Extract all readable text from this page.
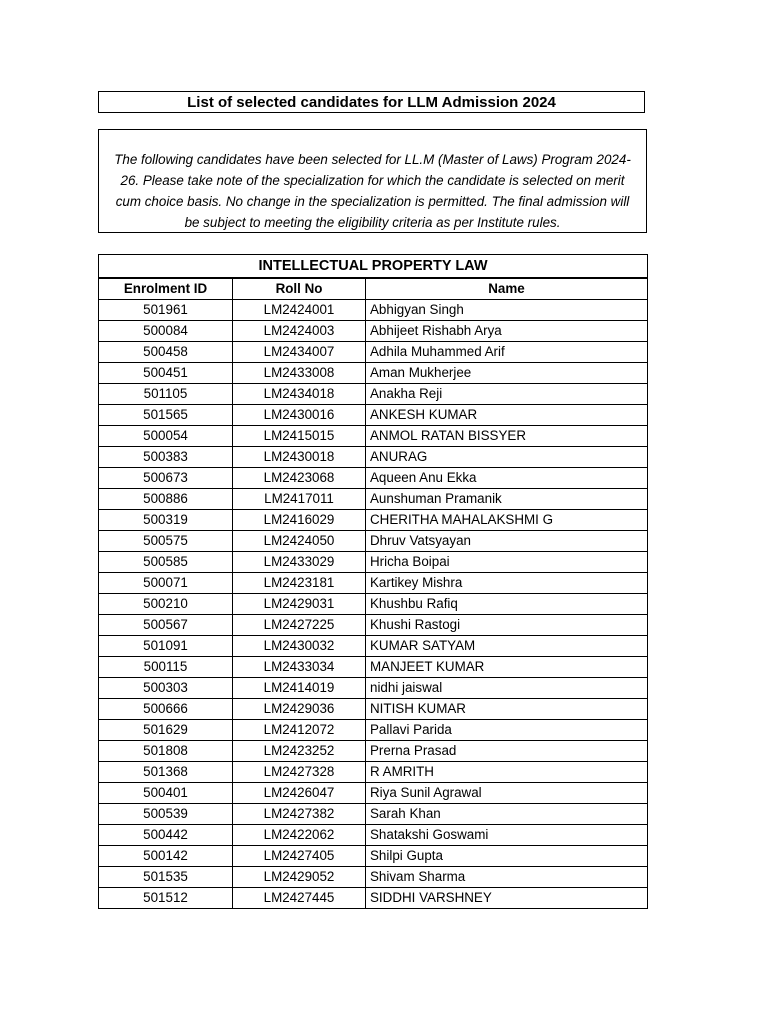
List of selected candidates for LLM Admission 2024
The following candidates have been selected for LL.M (Master of Laws) Program 2024-26. Please take note of the specialization for which the candidate is selected on merit cum choice basis. No change in the specialization is permitted. The final admission will be subject to meeting the eligibility criteria as per Institute rules.
INTELLECTUAL PROPERTY LAW		
Enrolment ID	Roll No	Name
501961	LM2424001	Abhigyan Singh
500084	LM2424003	Abhijeet Rishabh Arya
500458	LM2434007	Adhila Muhammed Arif
500451	LM2433008	Aman Mukherjee
501105	LM2434018	Anakha Reji
501565	LM2430016	ANKESH KUMAR
500054	LM2415015	ANMOL RATAN BISSYER
500383	LM2430018	ANURAG
500673	LM2423068	Aqueen Anu Ekka
500886	LM2417011	Aunshuman Pramanik
500319	LM2416029	CHERITHA MAHALAKSHMI G
500575	LM2424050	Dhruv Vatsyayan
500585	LM2433029	Hricha Boipai
500071	LM2423181	Kartikey Mishra
500210	LM2429031	Khushbu Rafiq
500567	LM2427225	Khushi Rastogi
501091	LM2430032	KUMAR SATYAM
500115	LM2433034	MANJEET KUMAR
500303	LM2414019	nidhi jaiswal
500666	LM2429036	NITISH KUMAR
501629	LM2412072	Pallavi Parida
501808	LM2423252	Prerna Prasad
501368	LM2427328	R AMRITH
500401	LM2426047	Riya Sunil Agrawal
500539	LM2427382	Sarah Khan
500442	LM2422062	Shatakshi Goswami
500142	LM2427405	Shilpi Gupta
501535	LM2429052	Shivam Sharma
501512	LM2427445	SIDDHI VARSHNEY
